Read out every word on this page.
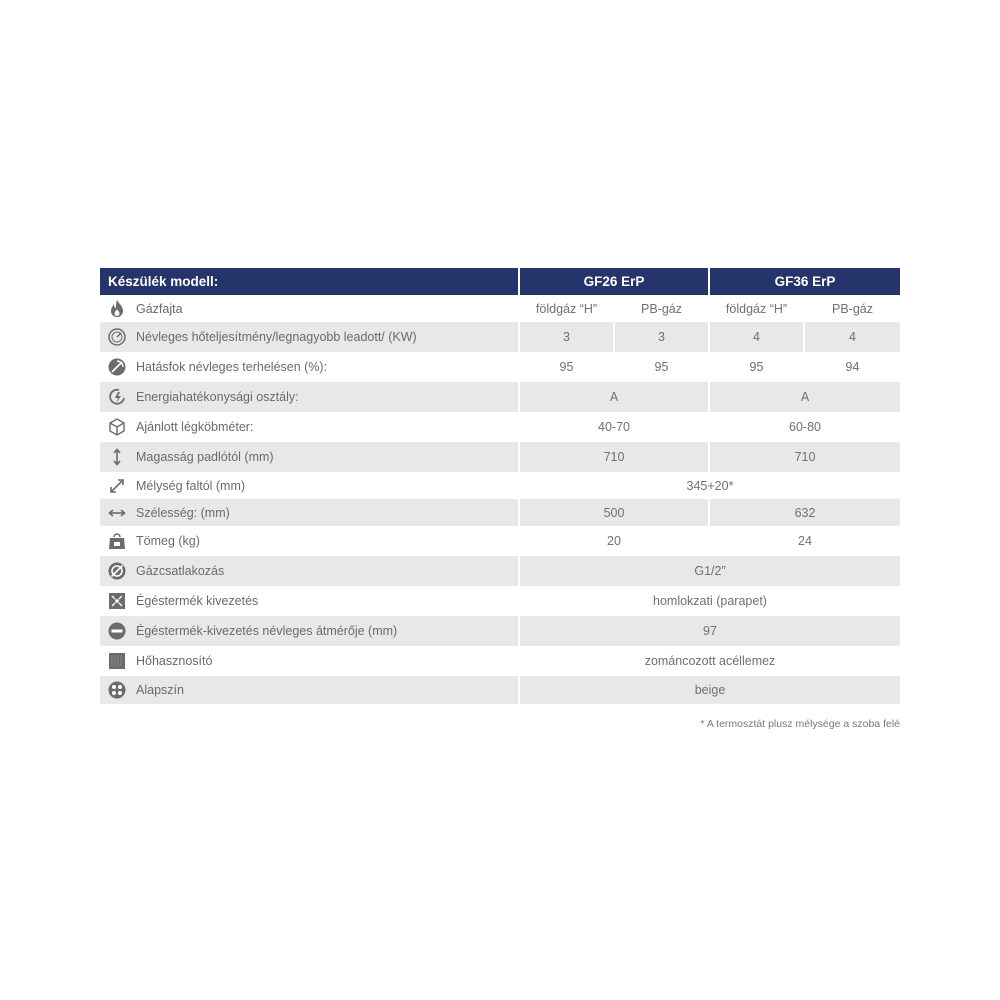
Készülék modell:	GF26 ErP	GF36 ErP
Gázfajta	földgáz “H”	PB-gáz	földgáz “H”	PB-gáz
Névleges hőteljesítmény/legnagyobb leadott/ (KW)	3	3	4	4
Hatásfok névleges terhelésen (%):	95	95	95	94
Energiahatékonysági osztály:	A	A
Ajánlott légköbméter:	40-70	60-80
Magasság padlótól (mm)	710	710
Mélység faltól (mm)	345+20*
Szélesség: (mm)	500	632
Tömeg (kg)	20	24
Gázcsatlakozás	G1/2”
Égéstermék kivezetés	homlokzati (parapet)
Égéstermék-kivezetés névleges átmérője (mm)	97
Hőhasznosító	zománcozott acéllemez
Alapszín	beige
* A termosztát plusz mélysége a szoba felé
